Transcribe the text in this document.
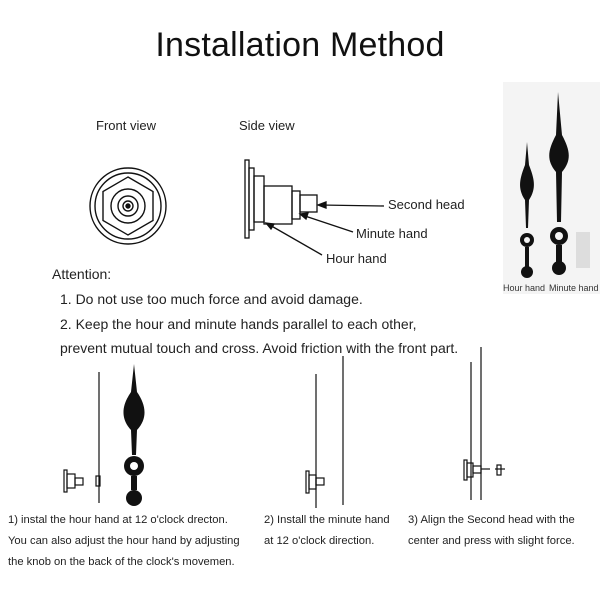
Installation Method
Front view	Side view
Second head
Minute hand
Hour hand
Hour hand Minute hand
Attention:
1. Do not use too much force and avoid damage.
2. Keep the hour and minute hands parallel to each other,
prevent mutual touch and cross. Avoid friction with the front part.
1) instal the hour hand at 12 o'clock drecton.
You can also adjust the hour hand by adjusting
the knob on the back of the clock's movemen.
2) Install the minute hand
at 12 o'clock direction.
3) Align the Second head with the
center and press with slight force.
